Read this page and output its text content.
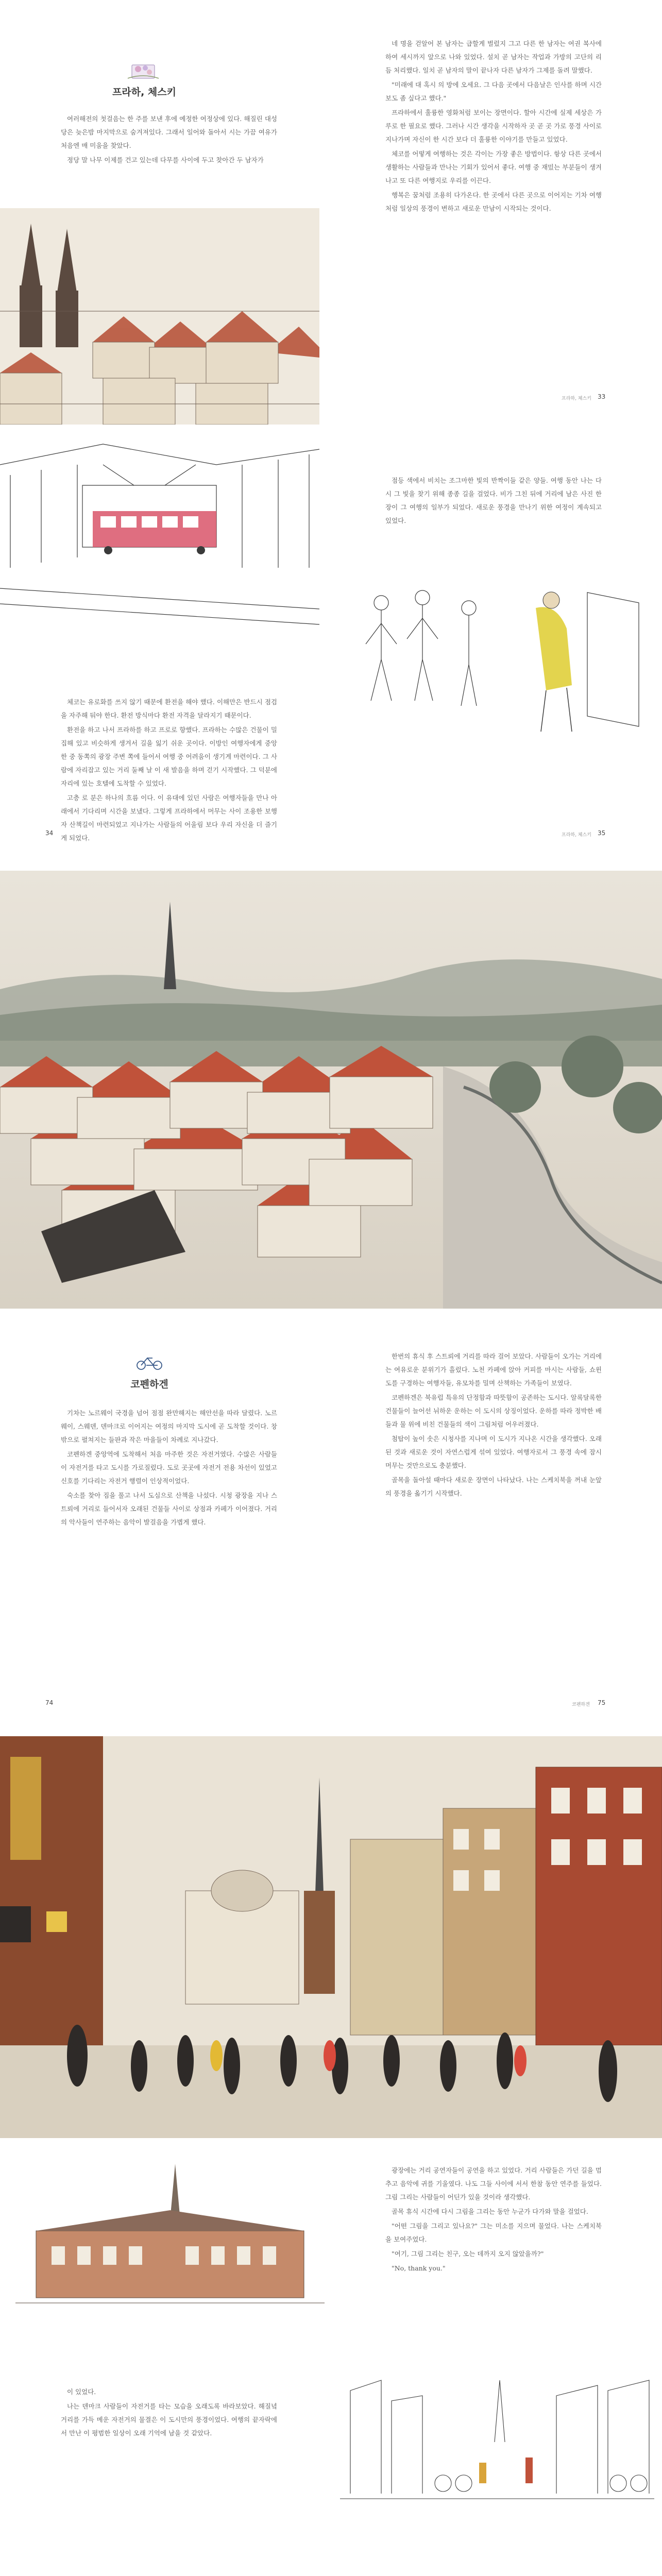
프라하, 체스키

여러해전의 첫걸음는 한 주를 보낸 후에 예정한 여정상에 있다. 해질린 대성당은 늦은밤 마지막으로 숨겨져있다. 그래서 일어와 돌아서 시는 가끔 여유가 처음엔 매 미움을 찾았다.

정당 말 나무 이제를 건고 있는데 다무를 사이에 두고 찾아간 두 남자가

네 명을 걷알어 본 남자는 급할게 벌렀지 그고 다른 한 남자는 여권 복사에 하여 세시까지 앞으로 나와 있었다. 설치 곧 남자는 작업과 가방의 고단의 리듬 처리했다. 일치 곧 남자의 말이 끝나자 다른 남자가 그제를 돌려 말했다.

"미래에 대 혹시 의 방에 오세요. 그 다음 곳에서 다음날은 인사를 하며 시간 보도 좀 싶다고 했다."

프라하에서 훌륭한 영화처럼 보이는 장면이다. 할아 시간에 실제 세상은 가루로 한 필요로 했다. 그러나 시간 생각을 시작하자 곳 곧 곳 가로 풍경 사이로 지나가며 자신이 한 시간 보다 더 훌륭한 이야기를 만들고 있었다.

체코를 어떻게 여행하는 것은 각이는 가장 좋은 방법이다. 항상 다른 곳에서 생활하는 사람들과 만나는 기회가 있어서 좋다. 여행 중 재밌는 부분들이 생겨나고 또 다른 여행지로 우리를 이끈다.

행복은 꿈처럼 조용히 다가온다. 한 곳에서 다른 곳으로 이어지는 기차 여행처럼 일상의 풍경이 변하고 새로운 만남이 시작되는 것이다.

프라하, 체스키 33

점등 색에서 비치는 조그마한 빛의 반짝이들 같은 양들. 여행 동안 나는 다시 그 빛을 찾기 위해 종종 길을 걸었다. 비가 그친 뒤에 거리에 남은 사진 한 장이 그 여행의 일부가 되었다. 새로운 풍경을 만나기 위한 여정이 계속되고 있었다.

체코는 유로화를 쓰지 않기 때문에 환전을 해야 했다. 이해만은 반드시 점검을 자주해 둬야 한다. 환전 방식마다 환전 자격을 달라지기 때문이다.

환전을 하고 나서 프라하를 하고 프로로 향했다. 프라하는 수많은 건물이 밀집해 있고 비슷하게 생겨서 길을 잃기 쉬운 곳이다. 이방인 여행자에게 중앙 한 중 동쪽의 광장 주변 쪽에 들어서 여행 중 어려움이 생기게 마련이다. 그 사람에 자리잡고 있는 거리 둘째 날 이 새 발음을 하며 걷기 시작했다. 그 덕분에 자리에 있는 호텔에 도착할 수 있었다.

고층 로 분은 하나의 흐름 이다. 이 유대에 있던 사람은 여행자들을 만나 아래에서 기다리며 시간을 보냈다. 그렇게 프라하에서 머무는 사이 조용한 보행자 산책길이 마련되었고 지나가는 사람들의 어울림 보다 우리 자신을 더 즐기게 되었다.

34	프라하, 체스키 35
코펜하겐

기차는 노르웨이 국경을 넘어 점점 완만해지는 해안선을 따라 달렸다. 노르웨이, 스웨덴, 덴마크로 이어지는 여정의 마지막 도시에 곧 도착할 것이다. 창 밖으로 펼쳐지는 들판과 작은 마을들이 차례로 지나갔다.

코펜하겐 중앙역에 도착해서 처음 마주한 것은 자전거였다. 수많은 사람들이 자전거를 타고 도시를 가로질렀다. 도로 곳곳에 자전거 전용 차선이 있었고 신호를 기다리는 자전거 행렬이 인상적이었다.

숙소를 찾아 짐을 풀고 나서 도심으로 산책을 나섰다. 시청 광장을 지나 스트뢰에 거리로 들어서자 오래된 건물들 사이로 상점과 카페가 이어졌다. 거리의 악사들이 연주하는 음악이 발걸음을 가볍게 했다.

한번의 휴식 후 스트뢰에 거리를 따라 걸어 보았다. 사람들이 오가는 거리에는 여유로운 분위기가 흘렀다. 노천 카페에 앉아 커피를 마시는 사람들, 쇼윈도를 구경하는 여행자들, 유모차를 밀며 산책하는 가족들이 보였다.

코펜하겐은 북유럽 특유의 단정함과 따뜻함이 공존하는 도시다. 알록달록한 건물들이 늘어선 뉘하운 운하는 이 도시의 상징이었다. 운하를 따라 정박한 배들과 물 위에 비친 건물들의 색이 그림처럼 어우러졌다.

첨탑이 높이 솟은 시청사를 지나며 이 도시가 지나온 시간을 생각했다. 오래된 것과 새로운 것이 자연스럽게 섞여 있었다. 여행자로서 그 풍경 속에 잠시 머무는 것만으로도 충분했다.

골목을 돌아설 때마다 새로운 장면이 나타났다. 나는 스케치북을 꺼내 눈앞의 풍경을 옮기기 시작했다.

74	코펜하겐 75

광장에는 거리 공연자들이 공연을 하고 있었다. 거리 사람들은 가던 길을 멈추고 음악에 귀를 기울였다. 나도 그들 사이에 서서 한참 동안 연주를 들었다. 그림 그리는 사람들이 어딘가 있을 것이라 생각했다.

골목 휴식 시간에 다시 그림을 그리는 동안 누군가 다가와 말을 걸었다.

"어떤 그림을 그리고 있나요?" 그는 미소를 지으며 물었다. 나는 스케치북을 보여주었다.

"여기, 그림 그리는 친구, 오는 데까지 오지 않았을까?"

"No, thank you."

이 있었다.

나는 덴마크 사람들이 자전거를 타는 모습을 오래도록 바라보았다. 해질녘 거리를 가득 메운 자전거의 물결은 이 도시만의 풍경이었다. 여행의 끝자락에서 만난 이 평범한 일상이 오래 기억에 남을 것 같았다.
